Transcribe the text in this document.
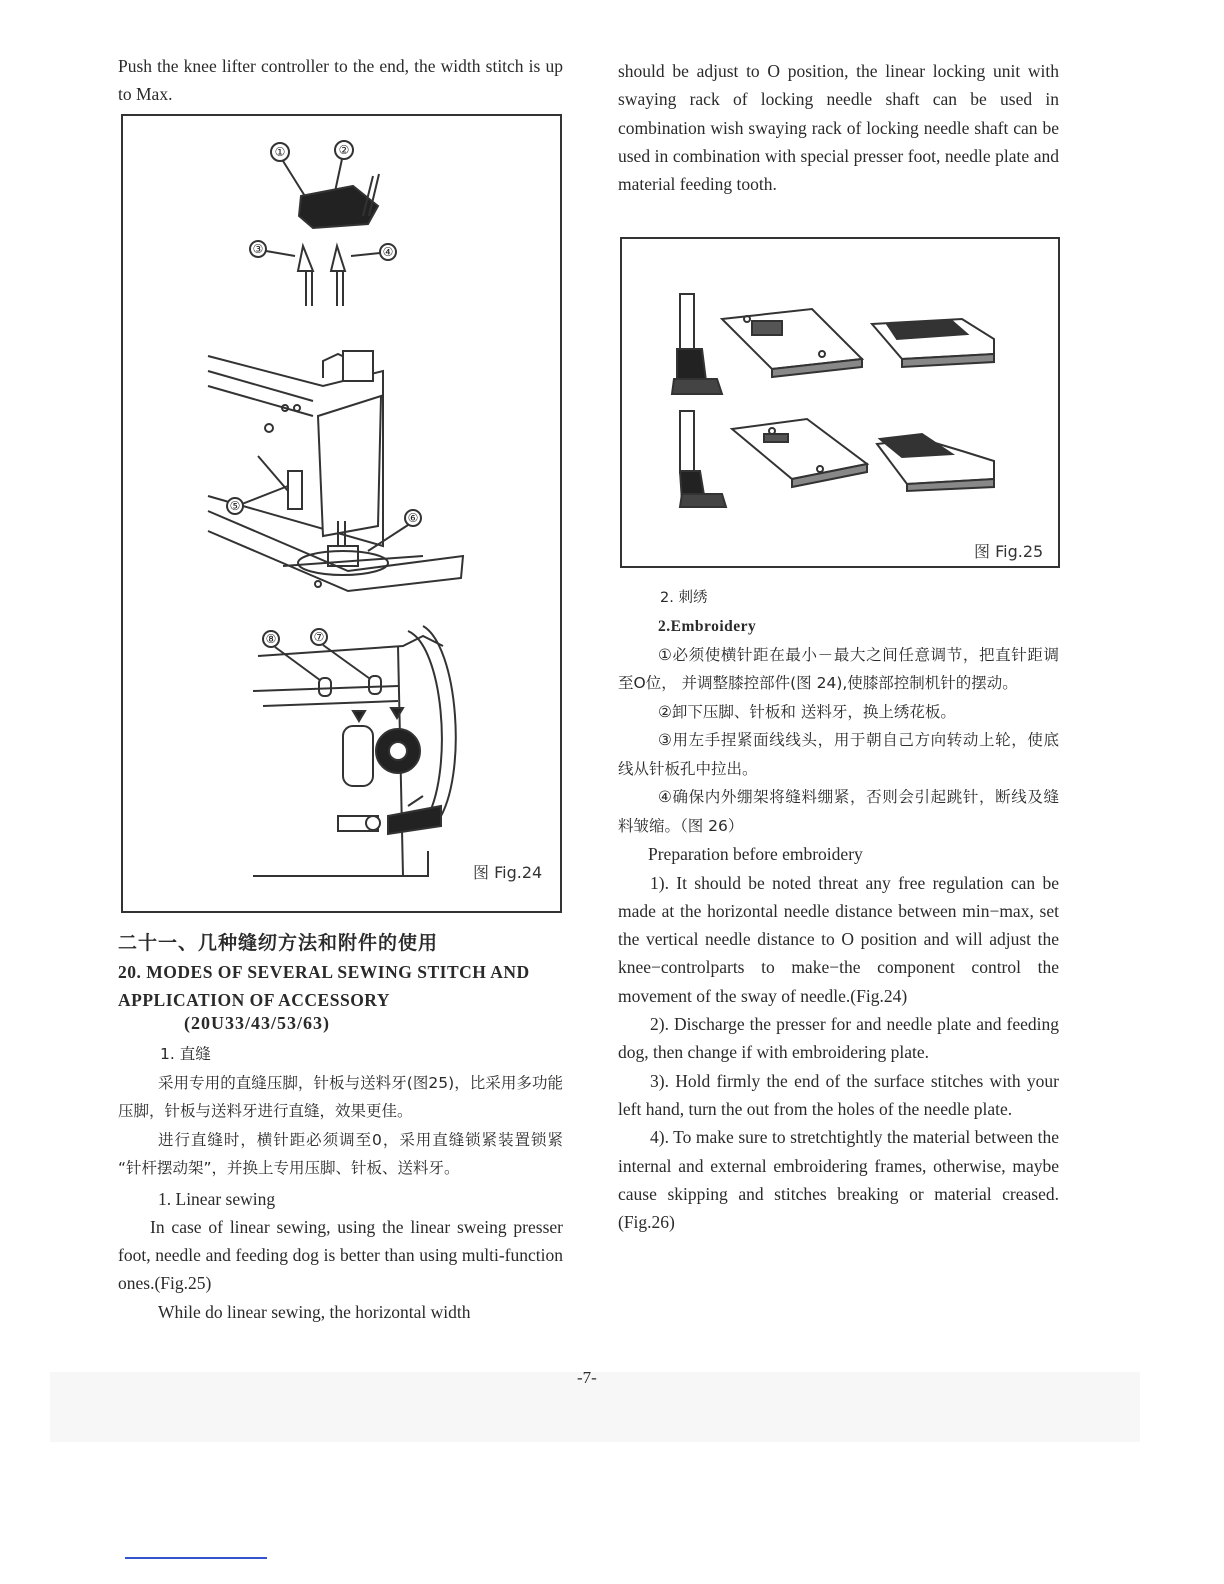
Push the knee lifter controller to the end, the width stitch is up to Max.

①	②
③	④
⑤
⑥
⑧	⑦
图 Fig.24
二十一、几种缝纫方法和附件的使用
20. MODES OF SEVERAL SEWING STITCH AND APPLICATION OF ACCESSORY
(20U33/43/53/63)

1. 直缝

采用专用的直缝压脚，针板与送料牙(图25)，比采用多功能压脚，针板与送料牙进行直缝，效果更佳。

进行直缝时，横针距必须调至0，采用直缝锁紧装置锁紧 “针杆摆动架”，并换上专用压脚、针板、送料牙。

1. Linear sewing

In case of linear sewing, using the linear sweing presser foot, needle and feeding dog is better than using multi-function ones.(Fig.25)

While do linear sewing, the horizontal width

should be adjust to O position, the linear locking unit with swaying rack of locking needle shaft can be used in combination wish swaying rack of locking needle shaft can be used in combination with special presser foot, needle plate and material feeding tooth.

图 Fig.25

2. 刺绣

2.Embroidery

①必须使横针距在最小－最大之间任意调节，把直针距调至O位， 并调整膝控部件(图 24),使膝部控制机针的摆动。

②卸下压脚、针板和 送料牙，换上绣花板。

③用左手捏紧面线线头，用于朝自己方向转动上轮，使底线从针板孔中拉出。

④确保内外绷架将缝料绷紧，否则会引起跳针，断线及缝料皱缩。（图 26）

Preparation before embroidery

1). It should be noted threat any free regulation can be made at the horizontal needle distance between min−max, set the vertical needle distance to O position and will adjust the knee−controlparts to make−the component control the movement of the sway of needle.(Fig.24)

2). Discharge the presser for and needle plate and feeding dog, then change if with embroidering plate.

3). Hold firmly the end of the surface stitches with your left hand, turn the out from the holes of the needle plate.

4). To make sure to stretchtightly the material between the internal and external embroidering frames, otherwise, maybe cause skipping and stitches breaking or material creased.(Fig.26)

-7-
